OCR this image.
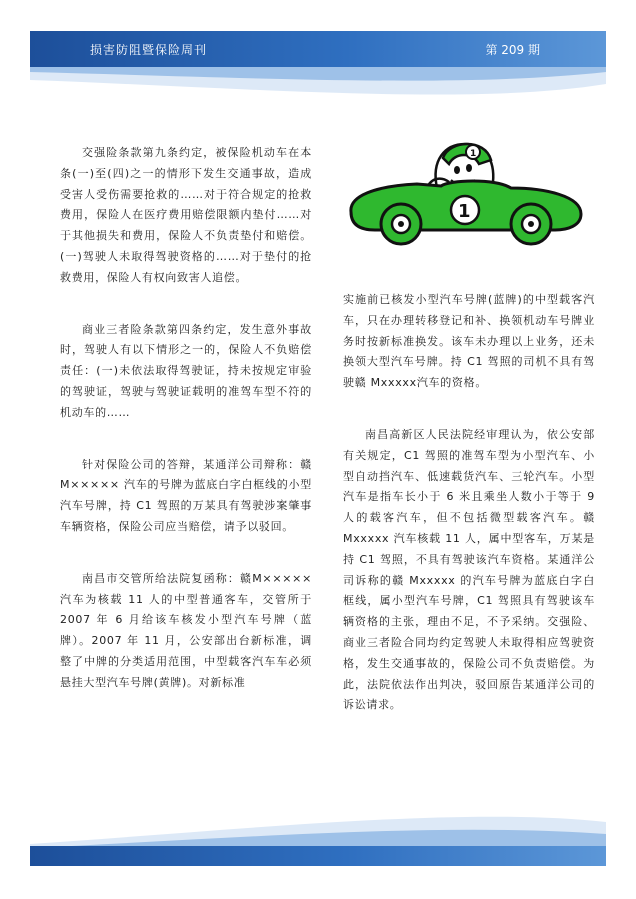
损害防阻暨保险周刊	第 209 期

交强险条款第九条约定，被保险机动车在本条(一)至(四)之一的情形下发生交通事故，造成受害人受伤需要抢救的……对于符合规定的抢救费用，保险人在医疗费用赔偿限额内垫付……对于其他损失和费用，保险人不负责垫付和赔偿。(一)驾驶人未取得驾驶资格的……对于垫付的抢救费用，保险人有权向致害人追偿。

商业三者险条款第四条约定，发生意外事故时，驾驶人有以下情形之一的，保险人不负赔偿责任：(一)未依法取得驾驶证，持未按规定审验的驾驶证，驾驶与驾驶证载明的准驾车型不符的机动车的……

针对保险公司的答辩，某通洋公司辩称：赣M××××× 汽车的号牌为蓝底白字白框线的小型汽车号牌，持 C1 驾照的万某具有驾驶涉案肇事车辆资格，保险公司应当赔偿，请予以驳回。

南昌市交管所给法院复函称：赣M×××××汽车为核载 11 人的中型普通客车，交管所于 2007 年 6 月给该车核发小型汽车号牌（蓝牌）。2007 年 11 月，公安部出台新标准，调整了中牌的分类适用范围，中型载客汽车车必须悬挂大型汽车号牌(黄牌)。对新标准

1
1

实施前已核发小型汽车号牌(蓝牌)的中型载客汽车，只在办理转移登记和补、换领机动车号牌业务时按新标准换发。该车未办理以上业务，还未换领大型汽车号牌。持 C1 驾照的司机不具有驾驶赣 Mxxxxx汽车的资格。

南昌高新区人民法院经审理认为，依公安部有关规定，C1 驾照的准驾车型为小型汽车、小型自动挡汽车、低速载货汽车、三轮汽车。小型汽车是指车长小于 6 米且乘坐人数小于等于 9 人的载客汽车，但不包括微型载客汽车。赣 Mxxxxx 汽车核载 11 人，属中型客车，万某是持 C1 驾照，不具有驾驶该汽车资格。某通洋公司诉称的赣 Mxxxxx 的汽车号牌为蓝底白字白框线，属小型汽车号牌，C1 驾照具有驾驶该车辆资格的主张，理由不足，不予采纳。交强险、商业三者险合同均约定驾驶人未取得相应驾驶资格，发生交通事故的，保险公司不负责赔偿。为此，法院依法作出判决，驳回原告某通洋公司的诉讼请求。
